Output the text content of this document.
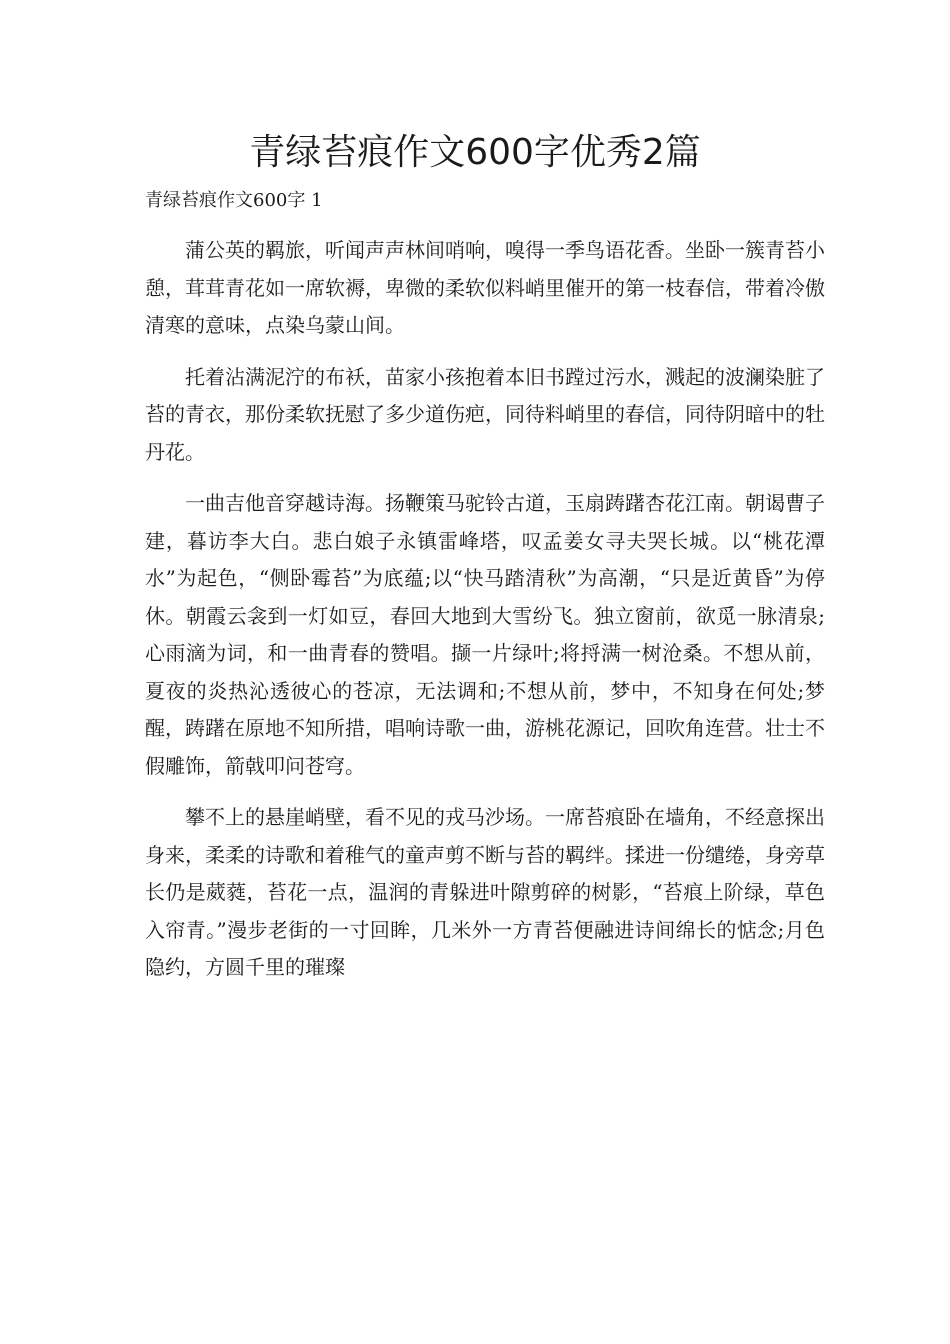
青绿苔痕作文600字优秀2篇

青绿苔痕作文600字 1

蒲公英的羁旅，听闻声声林间哨响，嗅得一季鸟语花香。坐卧一簇青苔小憩，茸茸青花如一席软褥，卑微的柔软似料峭里催开的第一枝春信，带着冷傲清寒的意味，点染乌蒙山间。

托着沾满泥泞的布袄，苗家小孩抱着本旧书蹚过污水，溅起的波澜染脏了苔的青衣，那份柔软抚慰了多少道伤疤，同待料峭里的春信，同待阴暗中的牡丹花。

一曲吉他音穿越诗海。扬鞭策马驼铃古道，玉扇踌躇杏花江南。朝谒曹子建，暮访李大白。悲白娘子永镇雷峰塔，叹孟姜女寻夫哭长城。以“桃花潭水”为起色，“侧卧霉苔”为底蕴;以“快马踏清秋”为高潮，“只是近黄昏”为停休。朝霞云衾到一灯如豆，春回大地到大雪纷飞。独立窗前，欲觅一脉清泉;心雨滴为词，和一曲青春的赞唱。撷一片绿叶;将捋满一树沧桑。不想从前，夏夜的炎热沁透彼心的苍凉，无法调和;不想从前，梦中，不知身在何处;梦醒，踌躇在原地不知所措，唱响诗歌一曲，游桃花源记，回吹角连营。壮士不假雕饰，箭戟叩问苍穹。

攀不上的悬崖峭壁，看不见的戎马沙场。一席苔痕卧在墙角，不经意探出身来，柔柔的诗歌和着稚气的童声剪不断与苔的羁绊。揉进一份缱绻，身旁草长仍是葳蕤，苔花一点，温润的青躲进叶隙剪碎的树影，“苔痕上阶绿，草色入帘青。”漫步老街的一寸回眸，几米外一方青苔便融进诗间绵长的惦念;月色隐约，方圆千里的璀璨
